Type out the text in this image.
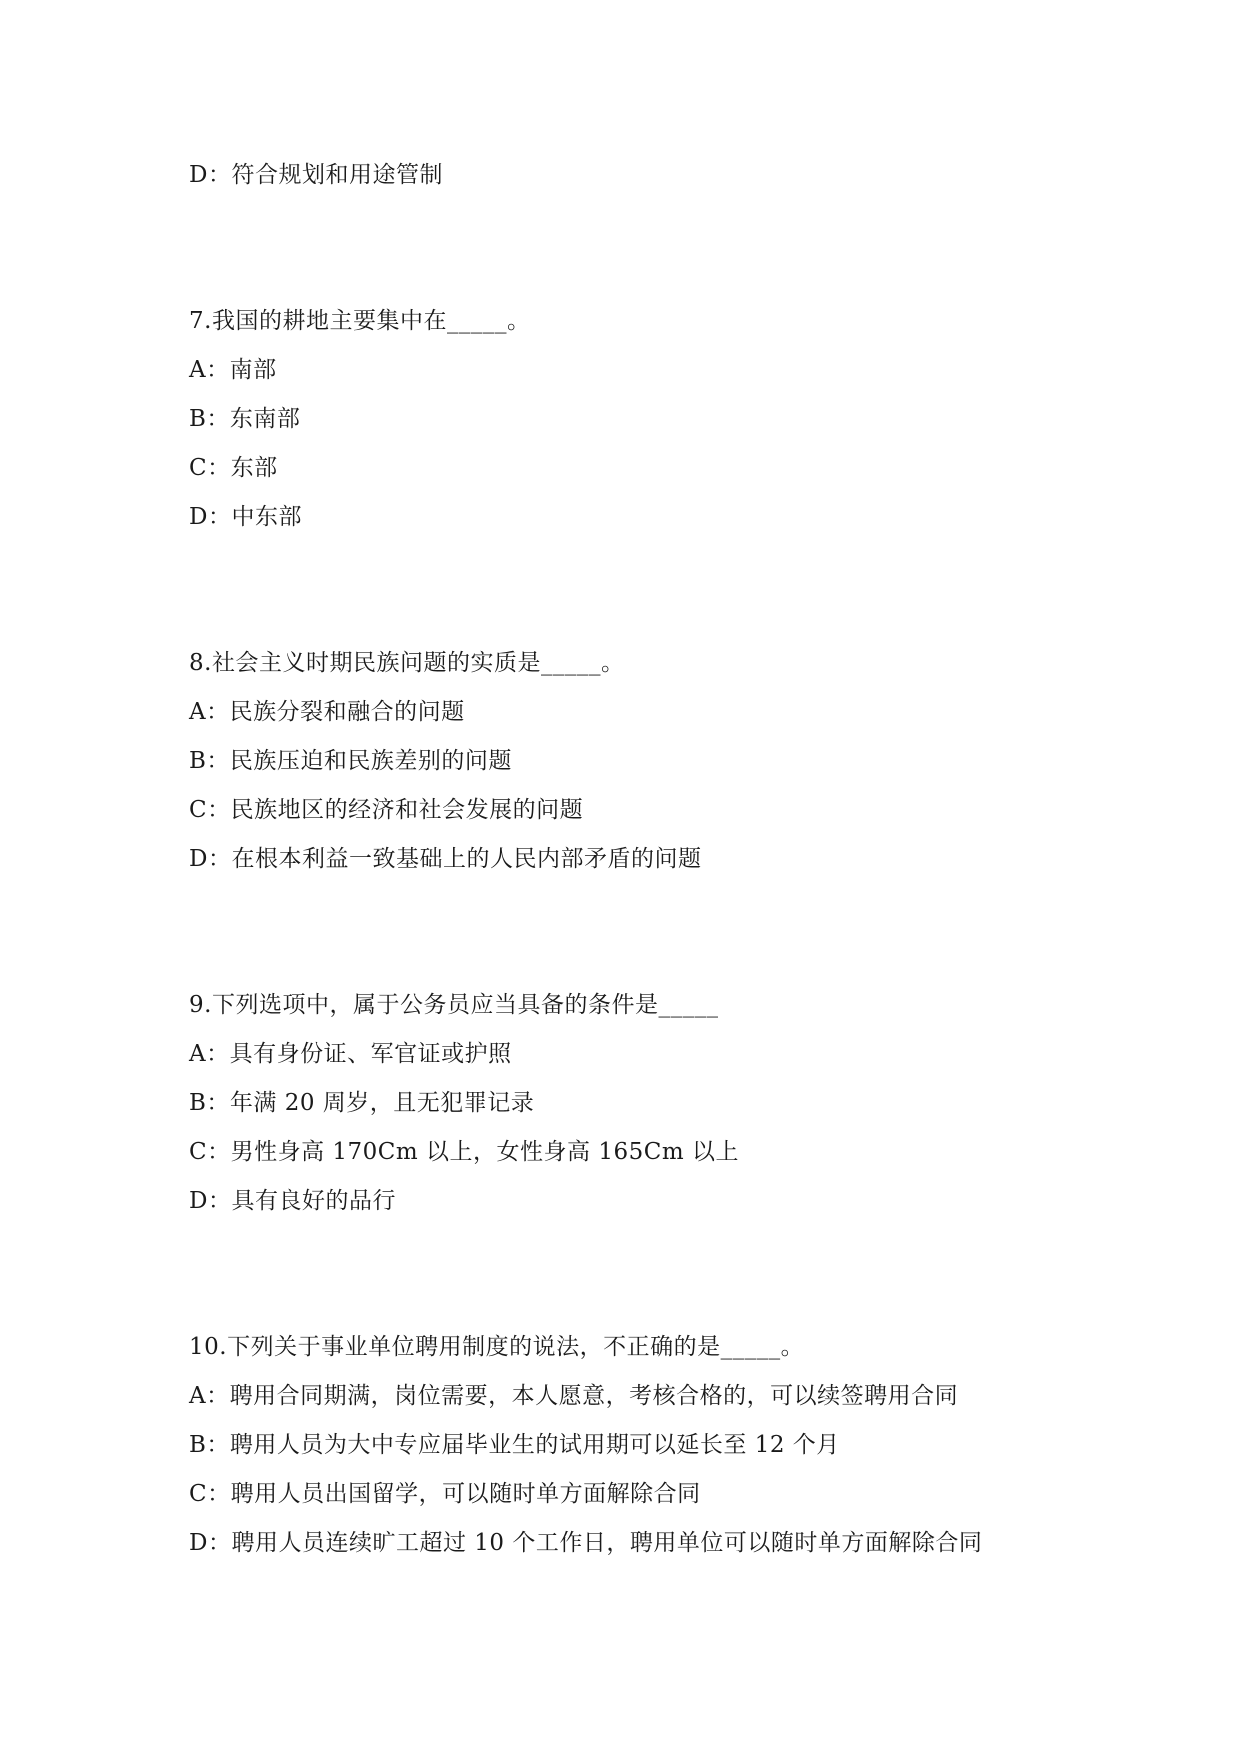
D：符合规划和用途管制
7.我国的耕地主要集中在_____。
A：南部
B：东南部
C：东部
D：中东部
8.社会主义时期民族问题的实质是_____。
A：民族分裂和融合的问题
B：民族压迫和民族差别的问题
C：民族地区的经济和社会发展的问题
D：在根本利益一致基础上的人民内部矛盾的问题
9.下列选项中，属于公务员应当具备的条件是_____
A：具有身份证、军官证或护照
B：年满 20 周岁，且无犯罪记录
C：男性身高 170Cm 以上，女性身高 165Cm 以上
D：具有良好的品行
10.下列关于事业单位聘用制度的说法，不正确的是_____。
A：聘用合同期满，岗位需要，本人愿意，考核合格的，可以续签聘用合同
B：聘用人员为大中专应届毕业生的试用期可以延长至 12 个月
C：聘用人员出国留学，可以随时单方面解除合同
D：聘用人员连续旷工超过 10 个工作日，聘用单位可以随时单方面解除合同
